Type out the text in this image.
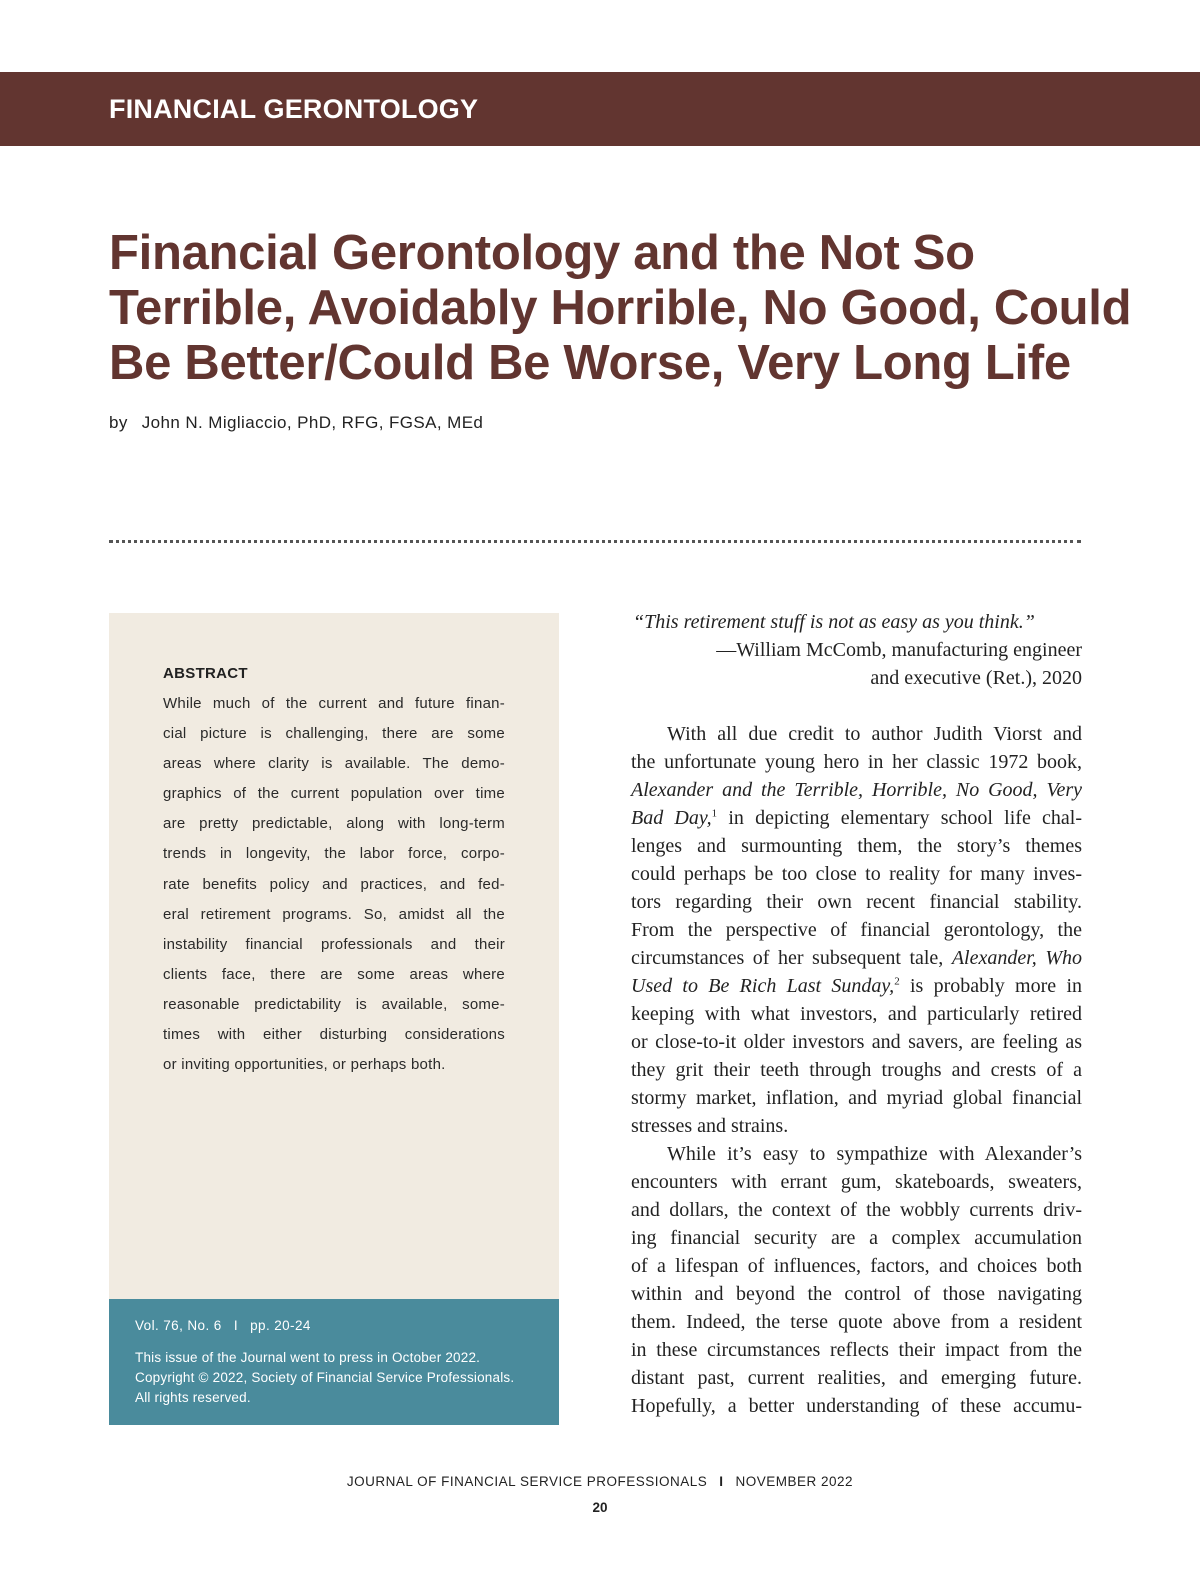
FINANCIAL GERONTOLOGY
Financial Gerontology and the Not So
Terrible, Avoidably Horrible, No Good, Could
Be Better/Could Be Worse, Very Long Life
by John N. Migliaccio, PhD, RFG, FGSA, MEd
ABSTRACT
While much of the current and future finan-
cial picture is challenging, there are some
areas where clarity is available. The demo-
graphics of the current population over time
are pretty predictable, along with long-term
trends in longevity, the labor force, corpo-
rate benefits policy and practices, and fed-
eral retirement programs. So, amidst all the
instability financial professionals and their
clients face, there are some areas where
reasonable predictability is available, some-
times with either disturbing considerations
or inviting opportunities, or perhaps both.
Vol. 76, No. 6 I pp. 20-24
This issue of the Journal went to press in October 2022.
Copyright © 2022, Society of Financial Service Professionals.
All rights reserved.
“This retirement stuff is not as easy as you think.”
—William McComb, manufacturing engineer
and executive (Ret.), 2020
With all due credit to author Judith Viorst and
the unfortunate young hero in her classic 1972 book,
Alexander and the Terrible, Horrible, No Good, Very
Bad Day,$^1$ in depicting elementary school life chal-
lenges and surmounting them, the story’s themes
could perhaps be too close to reality for many inves-
tors regarding their own recent financial stability.
From the perspective of financial gerontology, the
circumstances of her subsequent tale, Alexander, Who
Used to Be Rich Last Sunday,$^2$ is probably more in
keeping with what investors, and particularly retired
or close-to-it older investors and savers, are feeling as
they grit their teeth through troughs and crests of a
stormy market, inflation, and myriad global financial
stresses and strains.
While it’s easy to sympathize with Alexander’s
encounters with errant gum, skateboards, sweaters,
and dollars, the context of the wobbly currents driv-
ing financial security are a complex accumulation
of a lifespan of influences, factors, and choices both
within and beyond the control of those navigating
them. Indeed, the terse quote above from a resident
in these circumstances reflects their impact from the
distant past, current realities, and emerging future.
Hopefully, a better understanding of these accumu-
JOURNAL OF FINANCIAL SERVICE PROFESSIONALS I NOVEMBER 2022
20
